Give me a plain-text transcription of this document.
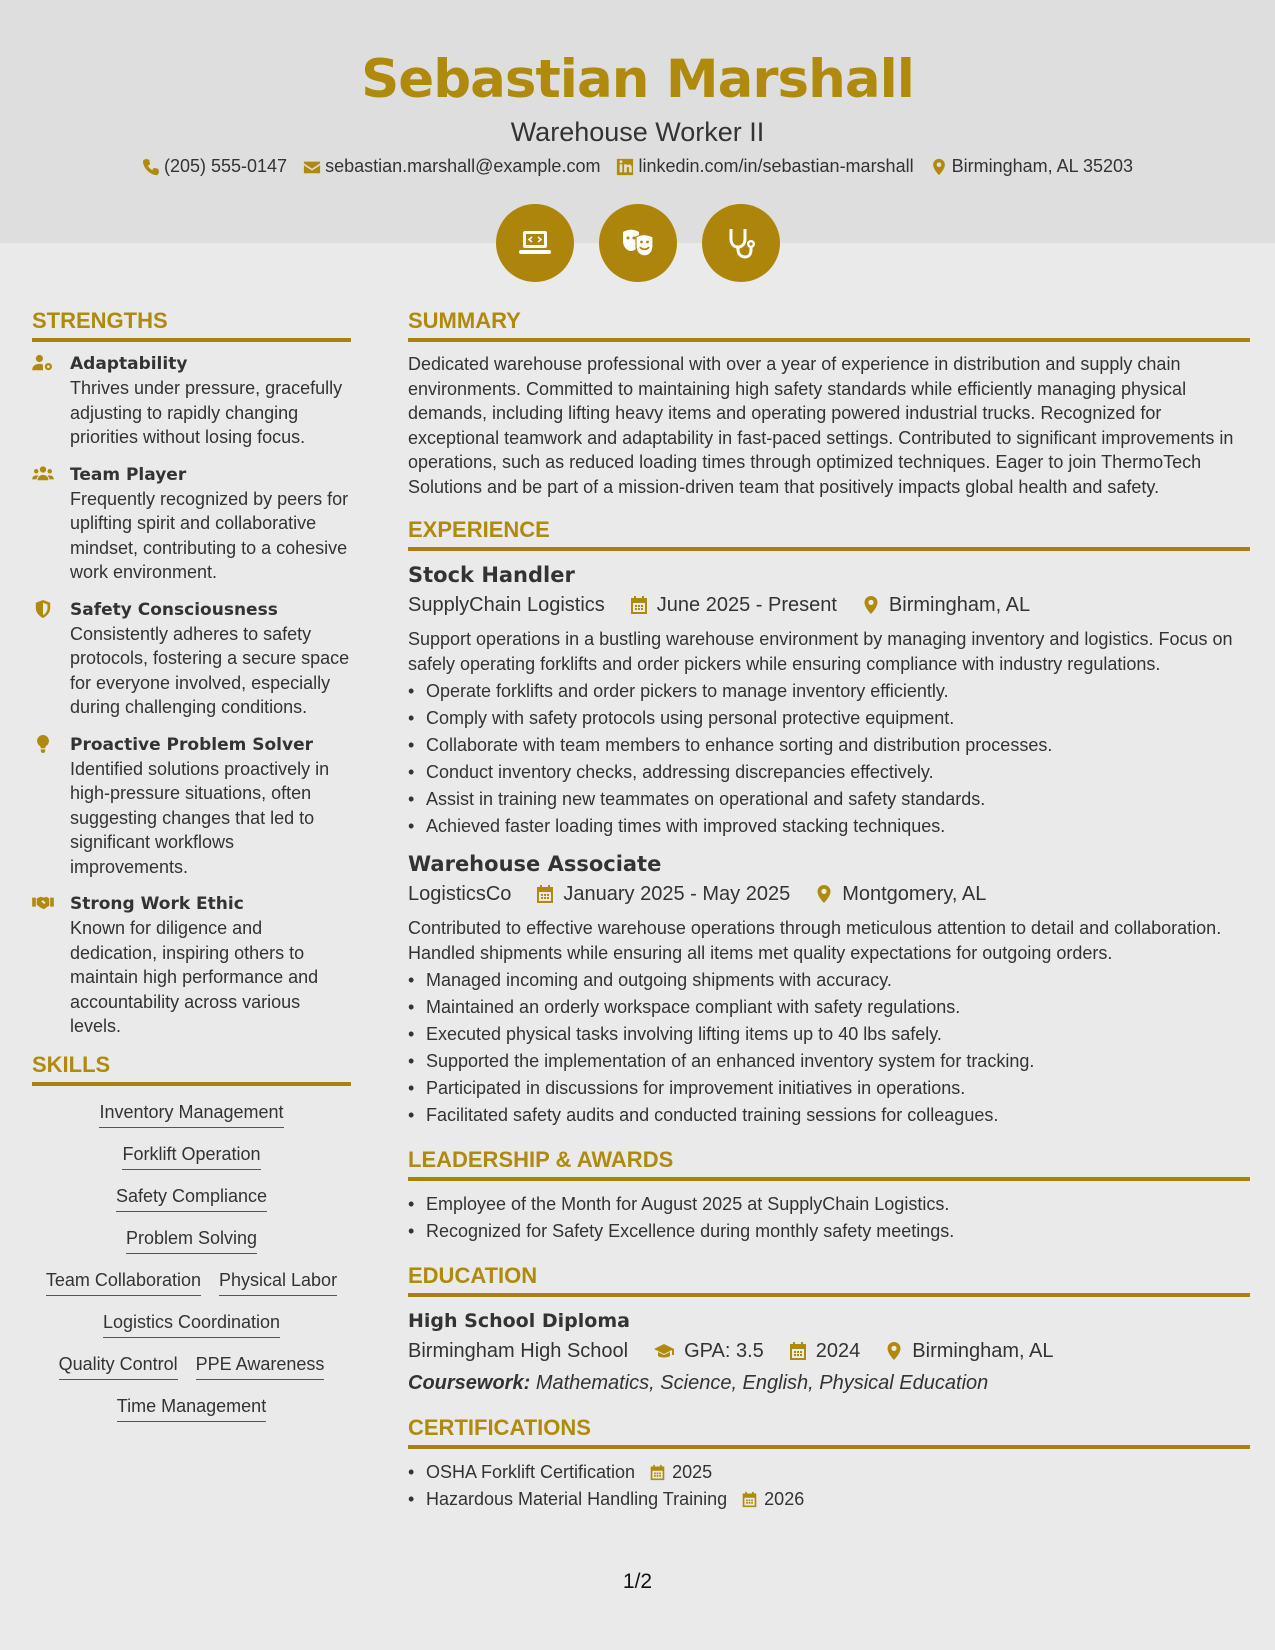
Sebastian Marshall
Warehouse Worker II
(205) 555-0147 sebastian.marshall@example.com linkedin.com/in/sebastian-marshall Birmingham, AL 35203
STRENGTHS
Adaptability
Thrives under pressure, gracefully adjusting to rapidly changing priorities without losing focus.
Team Player
Frequently recognized by peers for uplifting spirit and collaborative mindset, contributing to a cohesive work environment.
Safety Consciousness
Consistently adheres to safety protocols, fostering a secure space for everyone involved, especially during challenging conditions.
Proactive Problem Solver
Identified solutions proactively in high-pressure situations, often suggesting changes that led to significant workflows improvements.
Strong Work Ethic
Known for diligence and dedication, inspiring others to maintain high performance and accountability across various levels.
SKILLS
Inventory Management
Forklift Operation
Safety Compliance
Problem Solving
Team Collaboration Physical Labor
Logistics Coordination
Quality Control PPE Awareness
Time Management
SUMMARY
Dedicated warehouse professional with over a year of experience in distribution and supply chain environments. Committed to maintaining high safety standards while efficiently managing physical demands, including lifting heavy items and operating powered industrial trucks. Recognized for exceptional teamwork and adaptability in fast-paced settings. Contributed to significant improvements in operations, such as reduced loading times through optimized techniques. Eager to join ThermoTech Solutions and be part of a mission-driven team that positively impacts global health and safety.
EXPERIENCE
Stock Handler
SupplyChain Logistics	June 2025 - Present	Birmingham, AL
Support operations in a bustling warehouse environment by managing inventory and logistics. Focus on safely operating forklifts and order pickers while ensuring compliance with industry regulations.
• Operate forklifts and order pickers to manage inventory efficiently.
• Comply with safety protocols using personal protective equipment.
• Collaborate with team members to enhance sorting and distribution processes.
• Conduct inventory checks, addressing discrepancies effectively.
• Assist in training new teammates on operational and safety standards.
• Achieved faster loading times with improved stacking techniques.
Warehouse Associate
LogisticsCo	January 2025 - May 2025	Montgomery, AL
Contributed to effective warehouse operations through meticulous attention to detail and collaboration. Handled shipments while ensuring all items met quality expectations for outgoing orders.
• Managed incoming and outgoing shipments with accuracy.
• Maintained an orderly workspace compliant with safety regulations.
• Executed physical tasks involving lifting items up to 40 lbs safely.
• Supported the implementation of an enhanced inventory system for tracking.
• Participated in discussions for improvement initiatives in operations.
• Facilitated safety audits and conducted training sessions for colleagues.
LEADERSHIP & AWARDS
• Employee of the Month for August 2025 at SupplyChain Logistics.
• Recognized for Safety Excellence during monthly safety meetings.
EDUCATION
High School Diploma
Birmingham High School	GPA: 3.5	2024	Birmingham, AL
Coursework: Mathematics, Science, English, Physical Education
CERTIFICATIONS
• OSHA Forklift Certification 2025
• Hazardous Material Handling Training 2026
1/2
